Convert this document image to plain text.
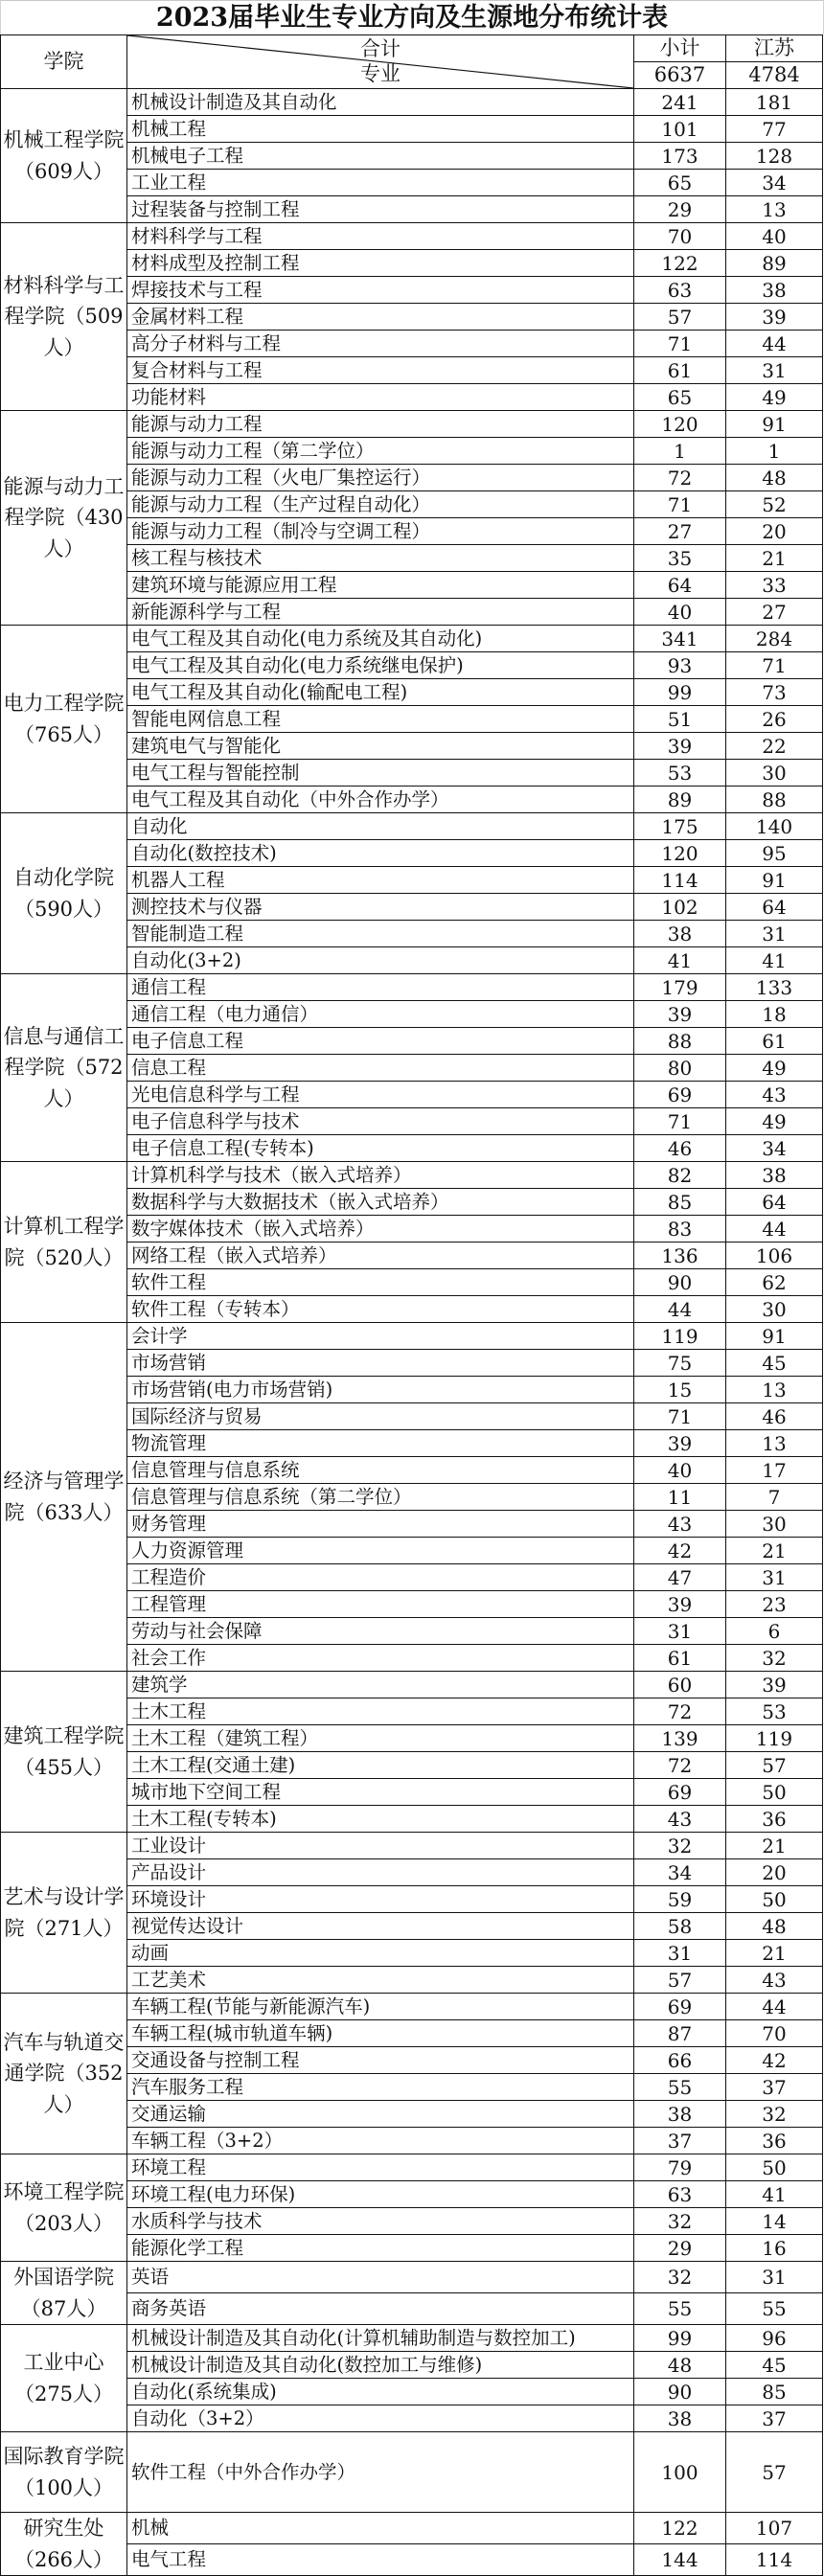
2023届毕业生专业方向及生源地分布统计表
学院	合计
专业	小计	江苏
		6637	4784
机械工程学院（609人）	机械设计制造及其自动化	241	181
	机械工程	101	77
	机械电子工程	173	128
	工业工程	65	34
	过程装备与控制工程	29	13
材料科学与工程学院（509人）	材料科学与工程	70	40
	材料成型及控制工程	122	89
	焊接技术与工程	63	38
	金属材料工程	57	39
	高分子材料与工程	71	44
	复合材料与工程	61	31
	功能材料	65	49
能源与动力工程学院（430人）	能源与动力工程	120	91
	能源与动力工程（第二学位）	1	1
	能源与动力工程（火电厂集控运行）	72	48
	能源与动力工程（生产过程自动化）	71	52
	能源与动力工程（制冷与空调工程）	27	20
	核工程与核技术	35	21
	建筑环境与能源应用工程	64	33
	新能源科学与工程	40	27
电力工程学院（765人）	电气工程及其自动化(电力系统及其自动化)	341	284
	电气工程及其自动化(电力系统继电保护)	93	71
	电气工程及其自动化(输配电工程)	99	73
	智能电网信息工程	51	26
	建筑电气与智能化	39	22
	电气工程与智能控制	53	30
	电气工程及其自动化（中外合作办学）	89	88
自动化学院（590人）	自动化	175	140
	自动化(数控技术)	120	95
	机器人工程	114	91
	测控技术与仪器	102	64
	智能制造工程	38	31
	自动化(3+2)	41	41
信息与通信工程学院（572人）	通信工程	179	133
	通信工程（电力通信）	39	18
	电子信息工程	88	61
	信息工程	80	49
	光电信息科学与工程	69	43
	电子信息科学与技术	71	49
	电子信息工程(专转本)	46	34
计算机工程学院（520人）	计算机科学与技术（嵌入式培养）	82	38
	数据科学与大数据技术（嵌入式培养）	85	64
	数字媒体技术（嵌入式培养）	83	44
	网络工程（嵌入式培养）	136	106
	软件工程	90	62
	软件工程（专转本）	44	30
经济与管理学院（633人）	会计学	119	91
	市场营销	75	45
	市场营销(电力市场营销)	15	13
	国际经济与贸易	71	46
	物流管理	39	13
	信息管理与信息系统	40	17
	信息管理与信息系统（第二学位）	11	7
	财务管理	43	30
	人力资源管理	42	21
	工程造价	47	31
	工程管理	39	23
	劳动与社会保障	31	6
	社会工作	61	32
建筑工程学院（455人）	建筑学	60	39
	土木工程	72	53
	土木工程（建筑工程）	139	119
	土木工程(交通土建)	72	57
	城市地下空间工程	69	50
	土木工程(专转本)	43	36
艺术与设计学院（271人）	工业设计	32	21
	产品设计	34	20
	环境设计	59	50
	视觉传达设计	58	48
	动画	31	21
	工艺美术	57	43
汽车与轨道交通学院（352人）	车辆工程(节能与新能源汽车)	69	44
	车辆工程(城市轨道车辆)	87	70
	交通设备与控制工程	66	42
	汽车服务工程	55	37
	交通运输	38	32
	车辆工程（3+2）	37	36
环境工程学院（203人）	环境工程	79	50
	环境工程(电力环保)	63	41
	水质科学与技术	32	14
	能源化学工程	29	16
外国语学院（87人）	英语	32	31
	商务英语	55	55
工业中心（275人）	机械设计制造及其自动化(计算机辅助制造与数控加工)	99	96
	机械设计制造及其自动化(数控加工与维修)	48	45
	自动化(系统集成)	90	85
	自动化（3+2）	38	37
国际教育学院（100人）	软件工程（中外合作办学）	100	57
研究生处（266人）	机械	122	107
	电气工程	144	114
